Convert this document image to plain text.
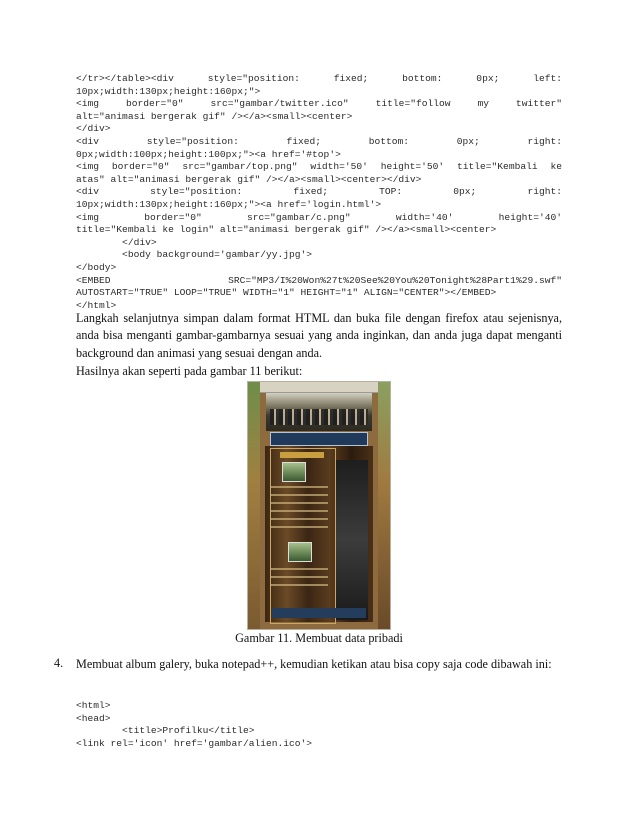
</tr></table><div style="position: fixed; bottom: 0px; left:
10px;width:130px;height:160px;">
<img border="0" src="gambar/twitter.ico" title="follow my twitter"
alt="animasi bergerak gif" /></a><small><center>
</div>
<div style="position: fixed; bottom: 0px; right:
0px;width:100px;height:100px;"><a href='#top'>
<img border="0" src="gambar/top.png" width='50' height='50' title="Kembali ke
atas" alt="animasi bergerak gif" /></a><small><center></div>
<div style="position: fixed; TOP: 0px; right:
10px;width:130px;height:160px;"><a href='login.html'>
<img border="0" src="gambar/c.png" width='40' height='40'
title="Kembali ke login" alt="animasi bergerak gif" /></a><small><center>
</div>
<body background='gambar/yy.jpg'>
</body>
<EMBED SRC="MP3/I%20Won%27t%20See%20You%20Tonight%28Part1%29.swf"
AUTOSTART="TRUE" LOOP="TRUE" WIDTH="1" HEIGHT="1" ALIGN="CENTER"></EMBED>
</html>

Langkah selanjutnya simpan dalam format HTML dan buka file dengan firefox atau sejenisnya, anda bisa menganti gambar-gambarnya sesuai yang anda inginkan, dan anda juga dapat menganti background dan animasi yang sesuai dengan anda.

Hasilnya akan seperti pada gambar 11 berikut:

Gambar 11. Membuat data pribadi
4. Membuat album galery, buka notepad++, kemudian ketikan atau bisa copy saja code dibawah ini:

<html>
<head>
<title>Profilku</title>
<link rel='icon' href='gambar/alien.ico'>
